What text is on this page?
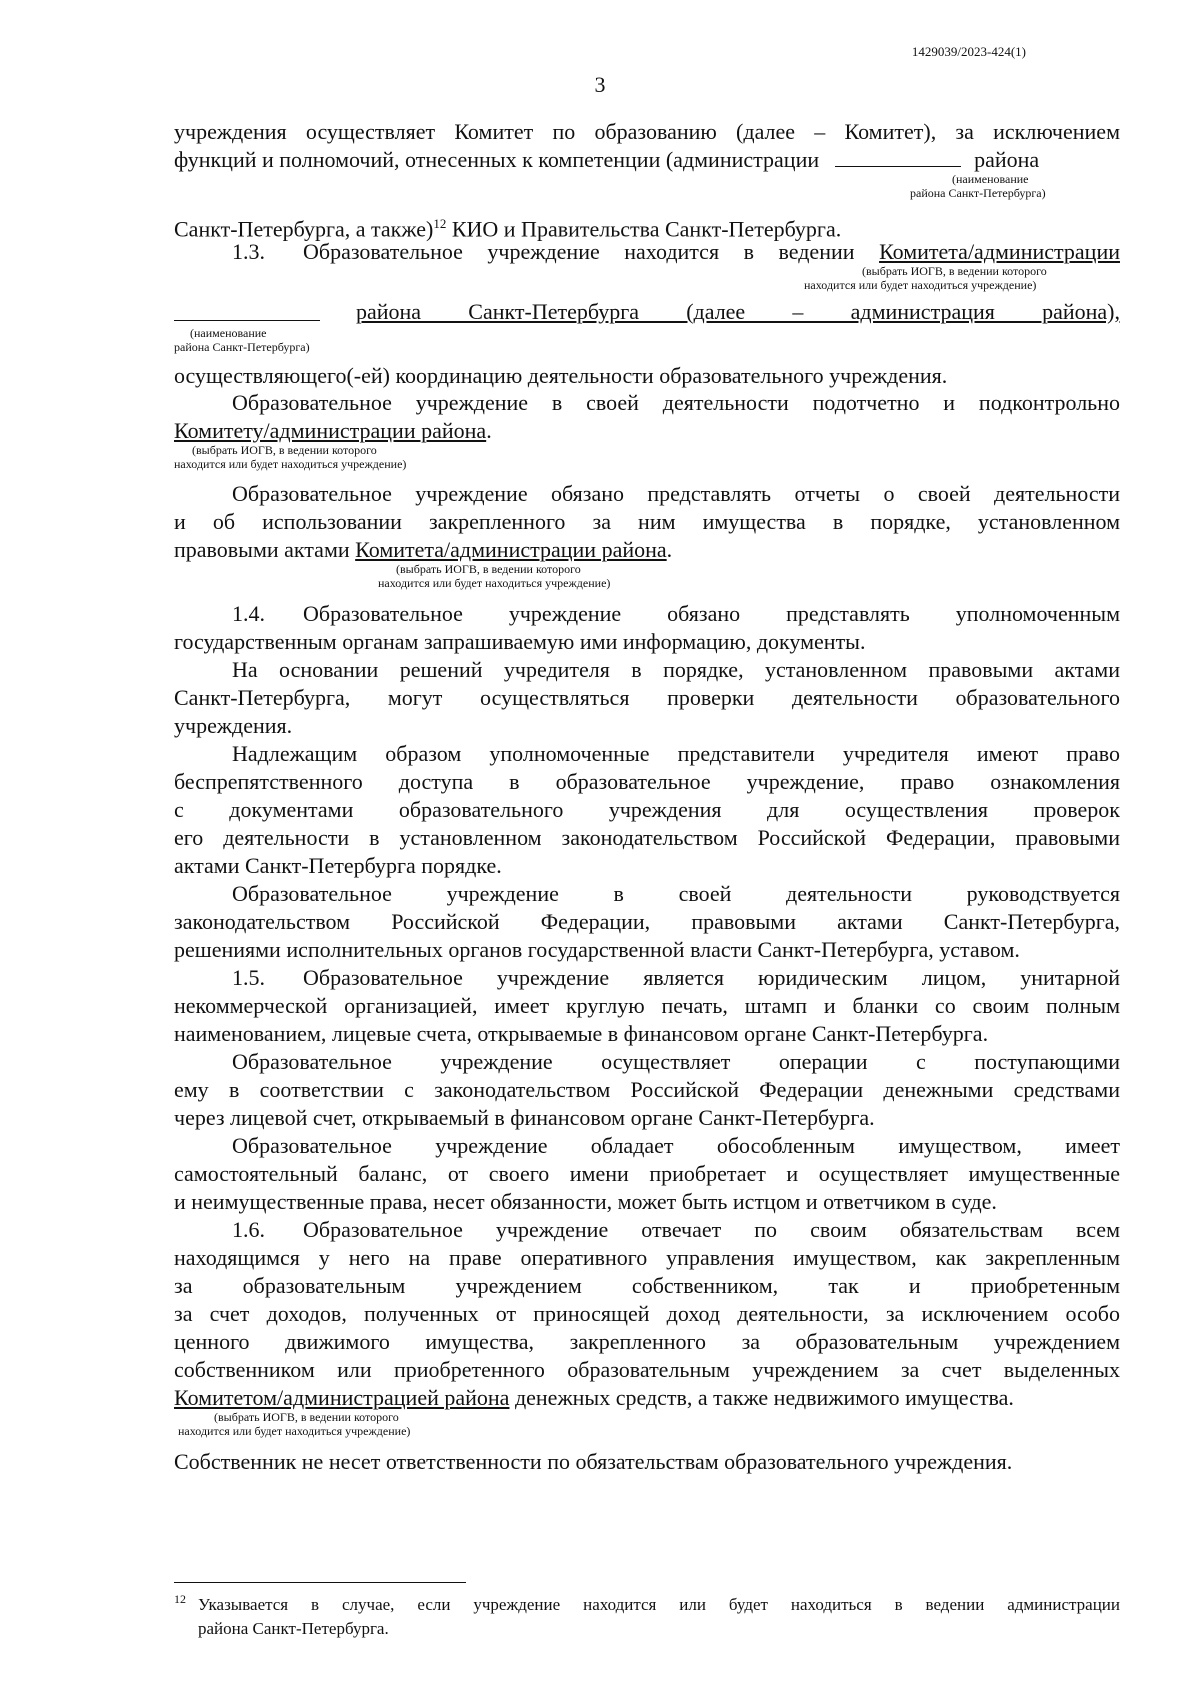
1429039/2023-424(1)
3
учреждения осуществляет Комитет по образованию (далее – Комитет), за исключением
функций и полномочий, отнесенных к компетенции (администрации	района
(наименование
района Санкт-Петербурга)
Санкт-Петербурга, а также)$^{12}$ КИО и Правительства Санкт-Петербурга.
1.3. Образовательное учреждение находится в ведении Комитета/администрации
(выбрать ИОГВ, в ведении которого
находится или будет находиться учреждение)
района Санкт-Петербурга (далее – администрация района),
(наименование
района Санкт-Петербурга)
осуществляющего(-ей) координацию деятельности образовательного учреждения.
Образовательное учреждение в своей деятельности подотчетно и подконтрольно
Комитету/администрации района.
(выбрать ИОГВ, в ведении которого
находится или будет находиться учреждение)
Образовательное учреждение обязано представлять отчеты о своей деятельности
и об использовании закрепленного за ним имущества в порядке, установленном
правовыми актами Комитета/администрации района.
(выбрать ИОГВ, в ведении которого
находится или будет находиться учреждение)
1.4. Образовательное учреждение обязано представлять уполномоченным
государственным органам запрашиваемую ими информацию, документы.
На основании решений учредителя в порядке, установленном правовыми актами
Санкт-Петербурга, могут осуществляться проверки деятельности образовательного
учреждения.
Надлежащим образом уполномоченные представители учредителя имеют право
беспрепятственного доступа в образовательное учреждение, право ознакомления
с документами образовательного учреждения для осуществления проверок
его деятельности в установленном законодательством Российской Федерации, правовыми
актами Санкт-Петербурга порядке.
Образовательное учреждение в своей деятельности руководствуется
законодательством Российской Федерации, правовыми актами Санкт-Петербурга,
решениями исполнительных органов государственной власти Санкт-Петербурга, уставом.
1.5. Образовательное учреждение является юридическим лицом, унитарной
некоммерческой организацией, имеет круглую печать, штамп и бланки со своим полным
наименованием, лицевые счета, открываемые в финансовом органе Санкт-Петербурга.
Образовательное учреждение осуществляет операции с поступающими
ему в соответствии с законодательством Российской Федерации денежными средствами
через лицевой счет, открываемый в финансовом органе Санкт-Петербурга.
Образовательное учреждение обладает обособленным имуществом, имеет
самостоятельный баланс, от своего имени приобретает и осуществляет имущественные
и неимущественные права, несет обязанности, может быть истцом и ответчиком в суде.
1.6. Образовательное учреждение отвечает по своим обязательствам всем
находящимся у него на праве оперативного управления имуществом, как закрепленным
за образовательным учреждением собственником, так и приобретенным
за счет доходов, полученных от приносящей доход деятельности, за исключением особо
ценного движимого имущества, закрепленного за образовательным учреждением
собственником или приобретенного образовательным учреждением за счет выделенных
Комитетом/администрацией района денежных средств, а также недвижимого имущества.
(выбрать ИОГВ, в ведении которого
находится или будет находиться учреждение)
Собственник не несет ответственности по обязательствам образовательного учреждения.
12 Указывается в случае, если учреждение находится или будет находиться в ведении администрации
района Санкт-Петербурга.
